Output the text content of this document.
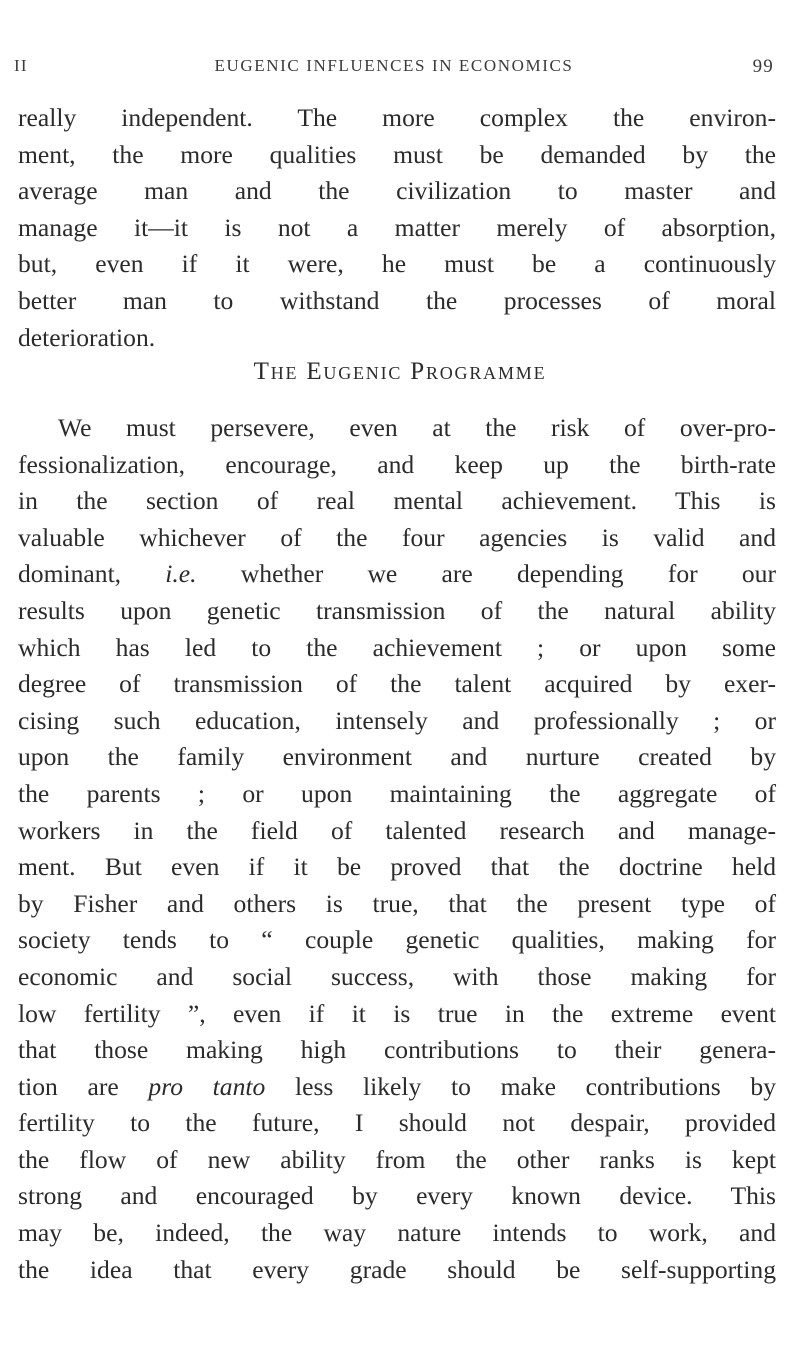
II	EUGENIC INFLUENCES IN ECONOMICS	99
really independent. The more complex the environ-
ment, the more qualities must be demanded by the
average man and the civilization to master and
manage it—it is not a matter merely of absorption,
but, even if it were, he must be a continuously
better man to withstand the processes of moral
deterioration.
The Eugenic Programme
We must persevere, even at the risk of over-pro-
fessionalization, encourage, and keep up the birth-rate
in the section of real mental achievement. This is
valuable whichever of the four agencies is valid and
dominant, i.e. whether we are depending for our
results upon genetic transmission of the natural ability
which has led to the achievement ; or upon some
degree of transmission of the talent acquired by exer-
cising such education, intensely and professionally ; or
upon the family environment and nurture created by
the parents ; or upon maintaining the aggregate of
workers in the field of talented research and manage-
ment. But even if it be proved that the doctrine held
by Fisher and others is true, that the present type of
society tends to “ couple genetic qualities, making for
economic and social success, with those making for
low fertility ”, even if it is true in the extreme event
that those making high contributions to their genera-
tion are pro tanto less likely to make contributions by
fertility to the future, I should not despair, provided
the flow of new ability from the other ranks is kept
strong and encouraged by every known device. This
may be, indeed, the way nature intends to work, and
the idea that every grade should be self-supporting
